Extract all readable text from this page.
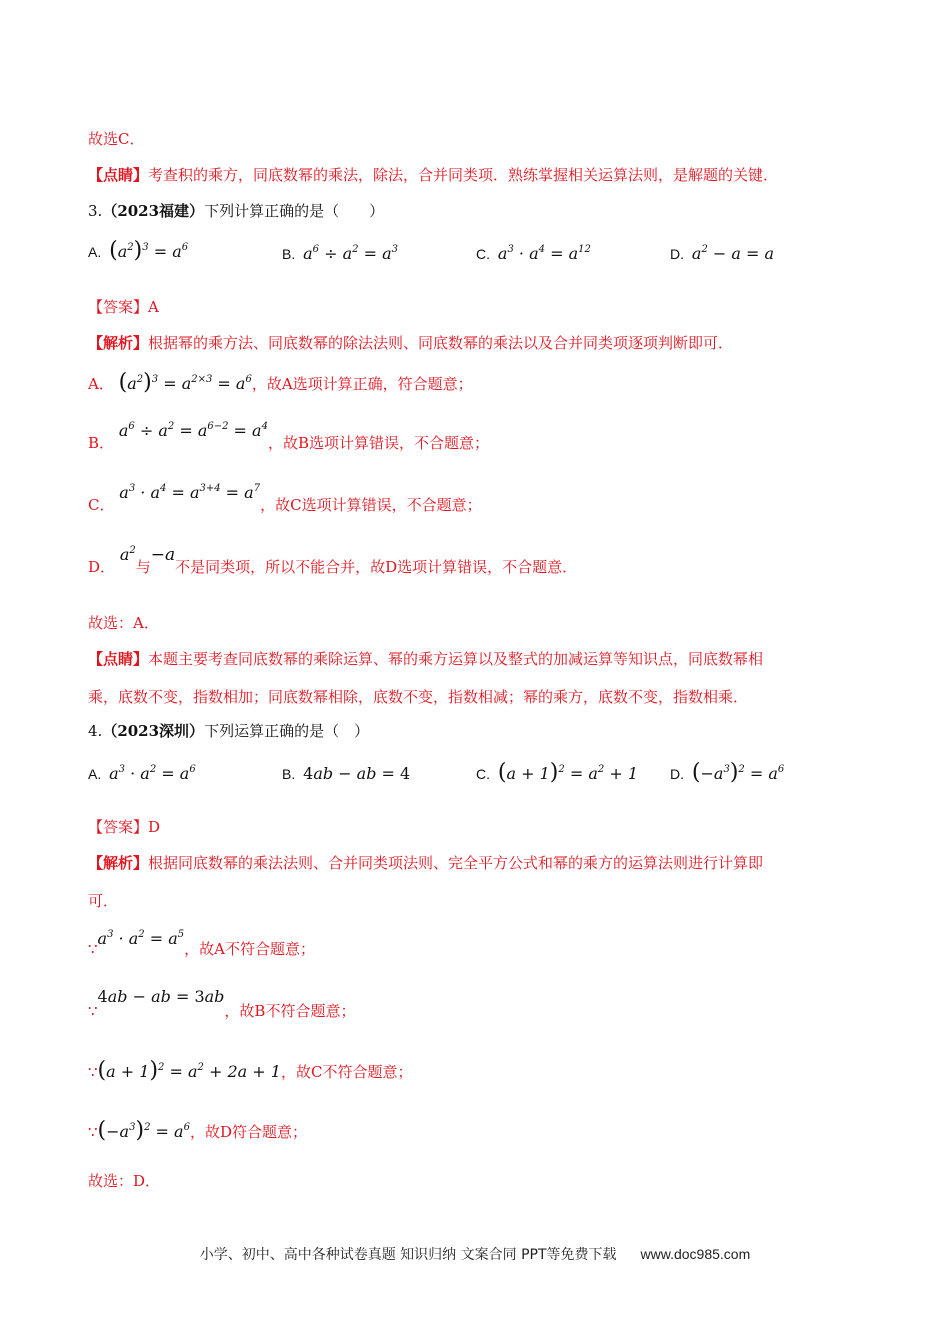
故选C．
【点睛】考查积的乘方，同底数幂的乘法，除法，合并同类项．熟练掌握相关运算法则，是解题的关键．
3.（2023福建）下列计算正确的是（　　）
A. $(a^2)^3 = a^6$	B. $a^6 \div a^2 = a^3$	C. $a^3 \cdot a^4 = a^{12}$	D. $a^2 - a = a$
【答案】A
【解析】根据幂的乘方法、同底数幂的除法法则、同底数幂的乘法以及合并同类项逐项判断即可．
A． $(a^2)^3 = a^{2\times 3} = a^6$，故A选项计算正确，符合题意；
B． $a^6 \div a^2 = a^{6-2} = a^4$，故B选项计算错误，不合题意；
C． $a^3 \cdot a^4 = a^{3+4} = a^7$，故C选项计算错误，不合题意；
D． $a^2$与−a不是同类项，所以不能合并，故D选项计算错误，不合题意．
故选：A．
【点睛】本题主要考查同底数幂的乘除运算、幂的乘方运算以及整式的加减运算等知识点，同底数幂相
乘，底数不变，指数相加；同底数幂相除，底数不变，指数相减；幂的乘方，底数不变，指数相乘．
4.（2023深圳）下列运算正确的是（　）
A. $a^3 \cdot a^2 = a^6$	B. 4ab − ab = 4	C. $(a + 1)^2 = a^2 + 1$ D. $(-a^3)^2 = a^6$
【答案】D
【解析】根据同底数幂的乘法法则、合并同类项法则、完全平方公式和幂的乘方的运算法则进行计算即
可．
$\because a^3 \cdot a^2 = a^5$，故A不符合题意；
∵4ab − ab = 3ab，故B不符合题意；
∵(a + $1)^2 = a^2 + 2a + 1$，故C不符合题意；
$\because(-a^3)^2 = a^6$，故D符合题意；
故选：D．
小学、初中、高中各种试卷真题 知识归纳 文案合同 PPT等免费下载 www.doc985.com
